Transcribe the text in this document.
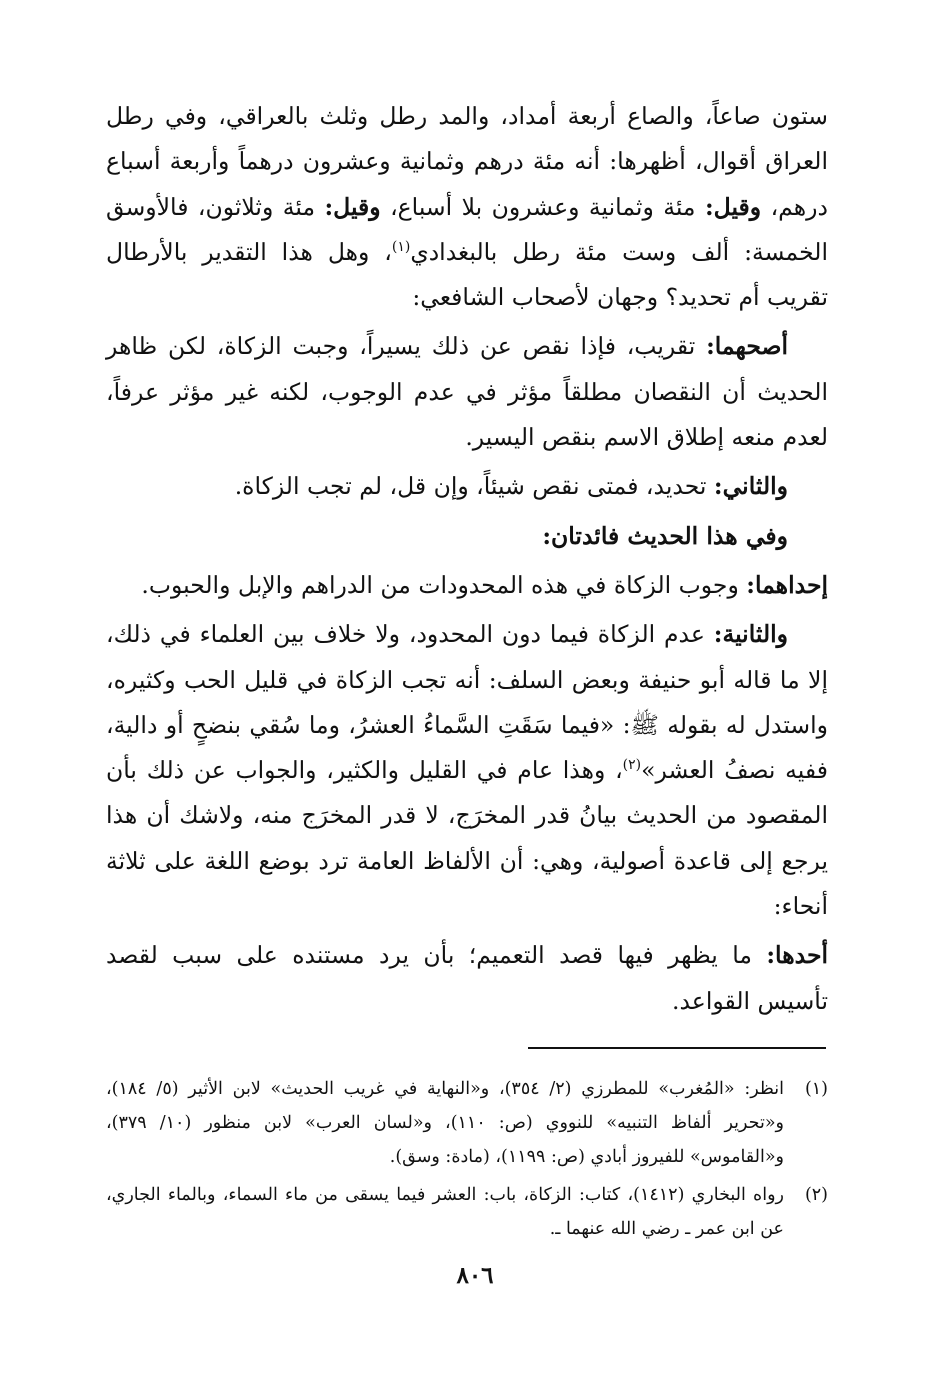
ستون صاعاً، والصاع أربعة أمداد، والمد رطل وثلث بالعراقي، وفي رطل العراق أقوال، أظهرها: أنه مئة درهم وثمانية وعشرون درهماً وأربعة أسباع درهم، وقيل: مئة وثمانية وعشرون بلا أسباع، وقيل: مئة وثلاثون، فالأوسق الخمسة: ألف وست مئة رطل بالبغدادي$^{(١)}$، وهل هذا التقدير بالأرطال تقريب أم تحديد؟ وجهان لأصحاب الشافعي:

أصحهما: تقريب، فإذا نقص عن ذلك يسيراً، وجبت الزكاة، لكن ظاهر الحديث أن النقصان مطلقاً مؤثر في عدم الوجوب، لكنه غير مؤثر عرفاً، لعدم منعه إطلاق الاسم بنقص اليسير.

والثاني: تحديد، فمتى نقص شيئاً، وإن قل، لم تجب الزكاة.

وفي هذا الحديث فائدتان:

إحداهما: وجوب الزكاة في هذه المحدودات من الدراهم والإبل والحبوب.

والثانية: عدم الزكاة فيما دون المحدود، ولا خلاف بين العلماء في ذلك، إلا ما قاله أبو حنيفة وبعض السلف: أنه تجب الزكاة في قليل الحب وكثيره، واستدل له بقوله ﷺ: «فيما سَقَتِ السَّماءُ العشرُ، وما سُقي بنضحٍ أو دالية، ففيه نصفُ العشر»$^{(٢)}$، وهذا عام في القليل والكثير، والجواب عن ذلك بأن المقصود من الحديث بيانُ قدر المخرَج، لا قدر المخرَج منه، ولاشك أن هذا يرجع إلى قاعدة أصولية، وهي: أن الألفاظ العامة ترد بوضع اللغة على ثلاثة أنحاء:

أحدها: ما يظهر فيها قصد التعميم؛ بأن يرد مستنده على سبب لقصد تأسيس القواعد.

(١)
انظر: «المُغرب» للمطرزي (٢/ ٣٥٤)، و«النهاية في غريب الحديث» لابن الأثير (٥/ ١٨٤)، و«تحرير ألفاظ التنبيه» للنووي (ص: ١١٠)، و«لسان العرب» لابن منظور (١٠/ ٣٧٩)، و«القاموس» للفيروز أبادي (ص: ١١٩٩)، (مادة: وسق).
(٢)
رواه البخاري (١٤١٢)، كتاب: الزكاة، باب: العشر فيما يسقى من ماء السماء، وبالماء الجاري، عن ابن عمر ـ رضي الله عنهما ـ.
٨٠٦
